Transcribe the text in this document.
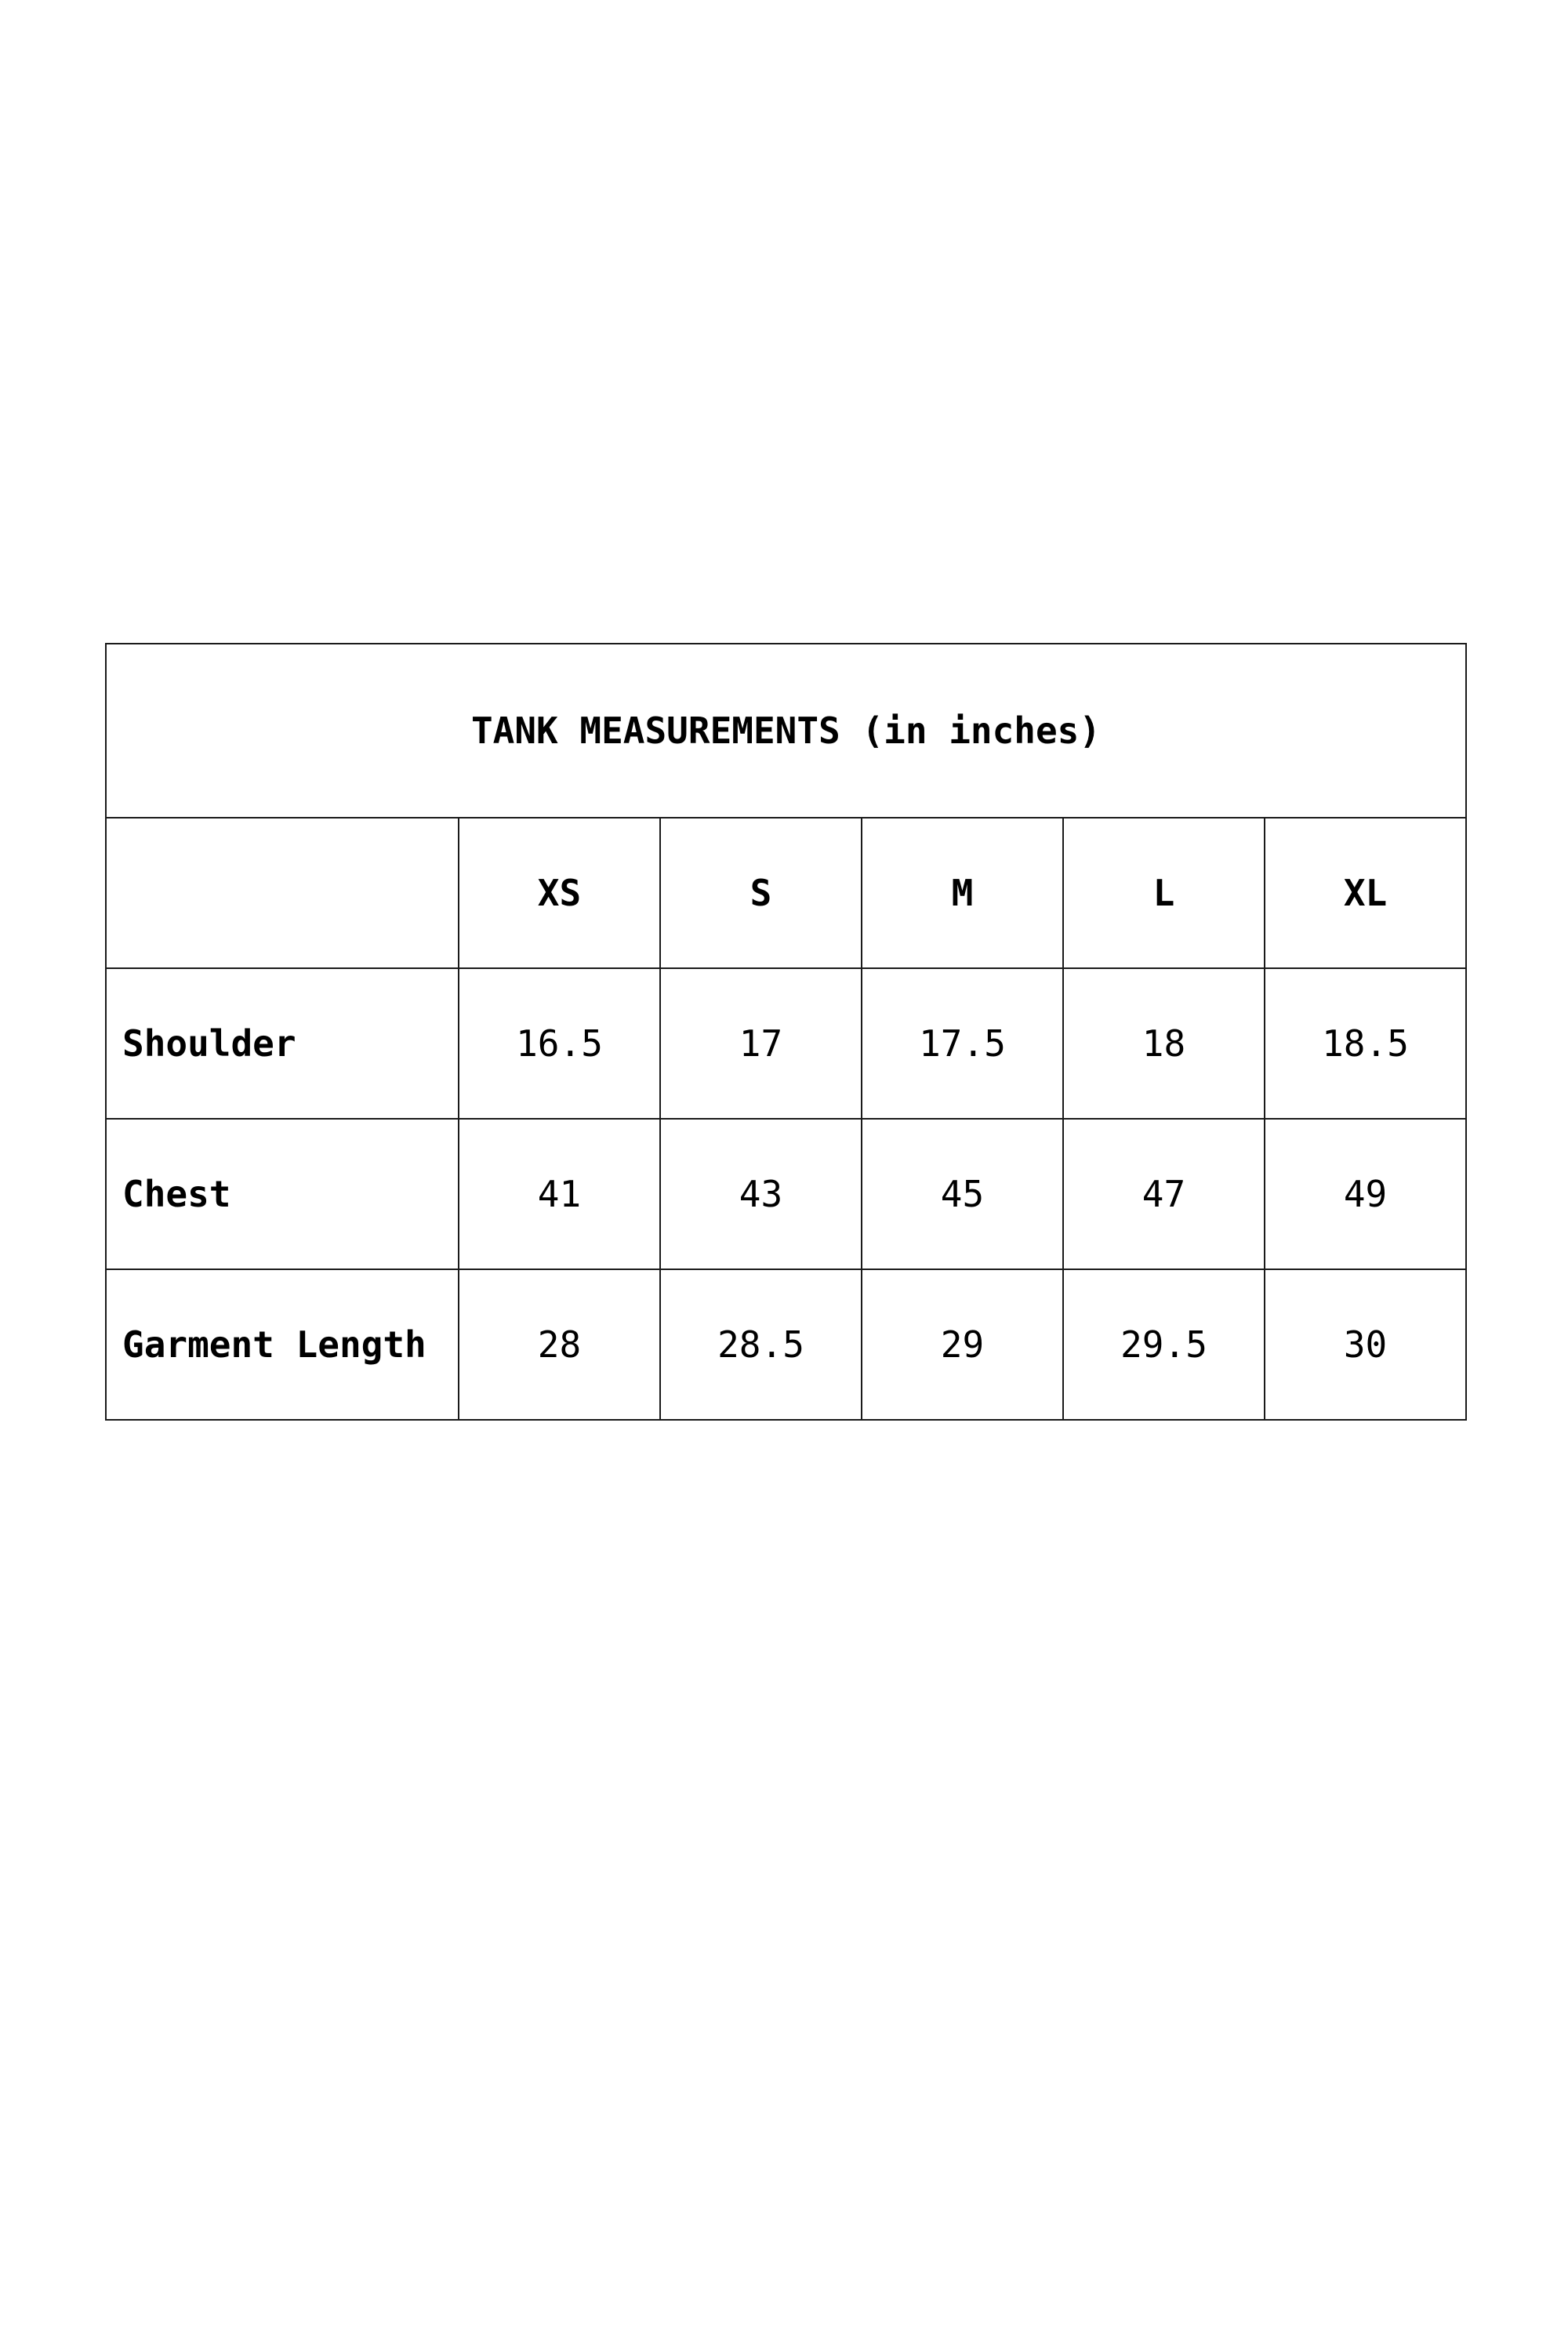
TANK MEASUREMENTS (in inches)					
	XS	S	M	L	XL
Shoulder	16.5	17	17.5	18	18.5
Chest	41	43	45	47	49
Garment Length	28	28.5	29	29.5	30
